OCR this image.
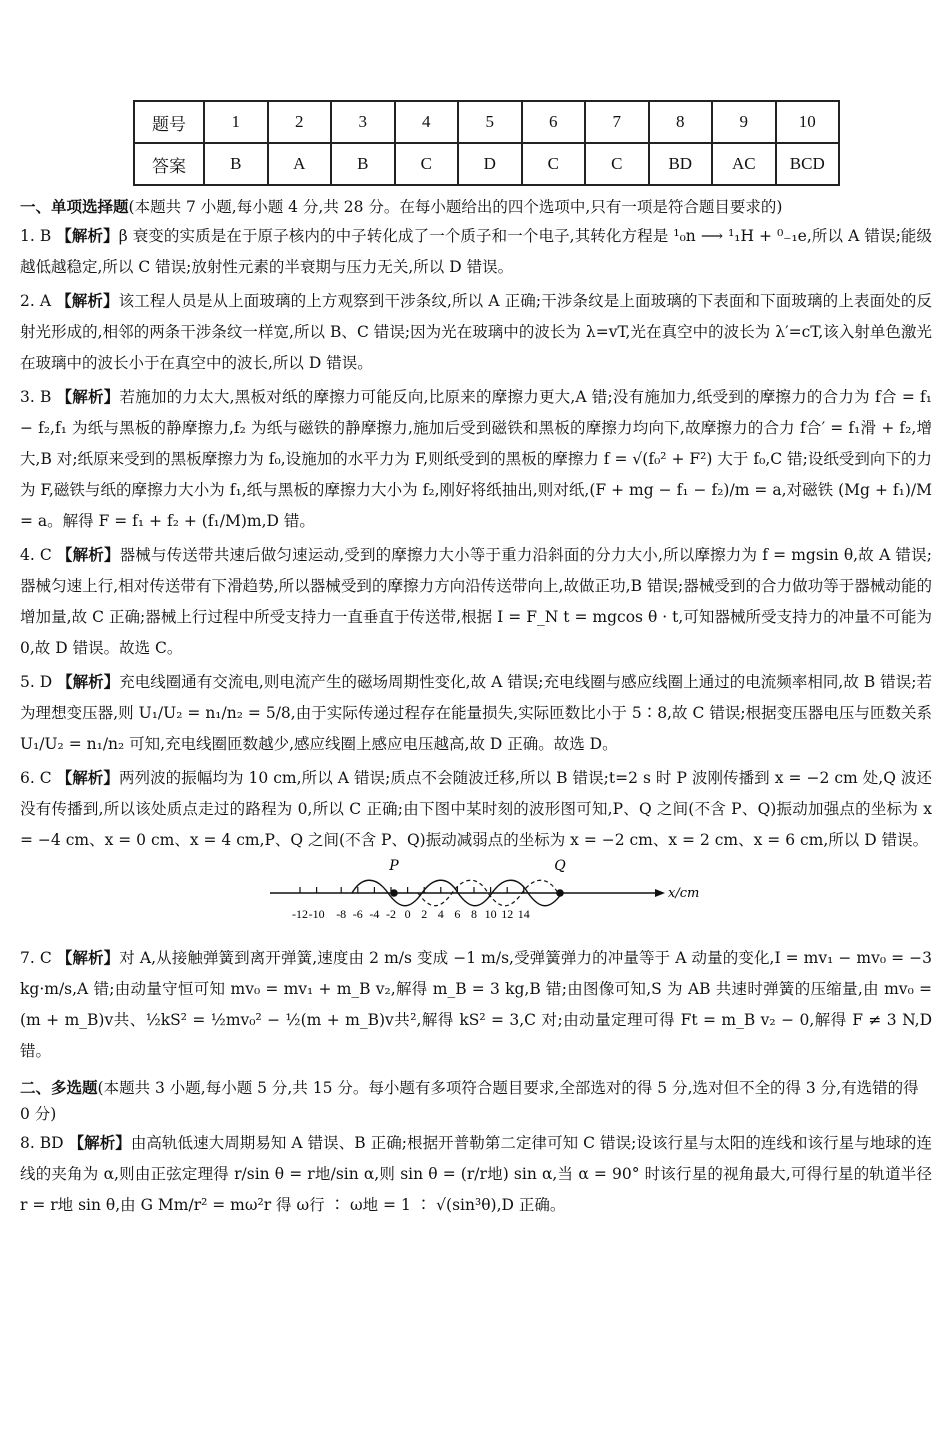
题号	1	2	3	4	5	6	7	8	9	10
答案	B	A	B	C	D	C	C	BD	AC	BCD
一、单项选择题(本题共 7 小题,每小题 4 分,共 28 分。在每小题给出的四个选项中,只有一项是符合题目要求的)

1. B 【解析】β 衰变的实质是在于原子核内的中子转化成了一个质子和一个电子,其转化方程是 ¹₀n ⟶ ¹₁H + ⁰₋₁e,所以 A 错误;能级越低越稳定,所以 C 错误;放射性元素的半衰期与压力无关,所以 D 错误。

2. A 【解析】该工程人员是从上面玻璃的上方观察到干涉条纹,所以 A 正确;干涉条纹是上面玻璃的下表面和下面玻璃的上表面处的反射光形成的,相邻的两条干涉条纹一样宽,所以 B、C 错误;因为光在玻璃中的波长为 λ=vT,光在真空中的波长为 λ′=cT,该入射单色激光在玻璃中的波长小于在真空中的波长,所以 D 错误。

3. B 【解析】若施加的力太大,黑板对纸的摩擦力可能反向,比原来的摩擦力更大,A 错;没有施加力,纸受到的摩擦力的合力为 f合 = f₁ − f₂,f₁ 为纸与黑板的静摩擦力,f₂ 为纸与磁铁的静摩擦力,施加后受到磁铁和黑板的摩擦力均向下,故摩擦力的合力 f合′ = f₁滑 + f₂,增大,B 对;纸原来受到的黑板摩擦力为 f₀,设施加的水平力为 F,则纸受到的黑板的摩擦力 f = √(f₀² + F²) 大于 f₀,C 错;设纸受到向下的力为 F,磁铁与纸的摩擦力大小为 f₁,纸与黑板的摩擦力大小为 f₂,刚好将纸抽出,则对纸,(F + mg − f₁ − f₂)/m = a,对磁铁 (Mg + f₁)/M = a。解得 F = f₁ + f₂ + (f₁/M)m,D 错。

4. C 【解析】器械与传送带共速后做匀速运动,受到的摩擦力大小等于重力沿斜面的分力大小,所以摩擦力为 f = mgsin θ,故 A 错误;器械匀速上行,相对传送带有下滑趋势,所以器械受到的摩擦力方向沿传送带向上,故做正功,B 错误;器械受到的合力做功等于器械动能的增加量,故 C 正确;器械上行过程中所受支持力一直垂直于传送带,根据 I = F_N t = mgcos θ · t,可知器械所受支持力的冲量不可能为 0,故 D 错误。故选 C。

5. D 【解析】充电线圈通有交流电,则电流产生的磁场周期性变化,故 A 错误;充电线圈与感应线圈上通过的电流频率相同,故 B 错误;若为理想变压器,则 U₁/U₂ = n₁/n₂ = 5/8,由于实际传递过程存在能量损失,实际匝数比小于 5∶8,故 C 错误;根据变压器电压与匝数关系 U₁/U₂ = n₁/n₂ 可知,充电线圈匝数越少,感应线圈上感应电压越高,故 D 正确。故选 D。

6. C 【解析】两列波的振幅均为 10 cm,所以 A 错误;质点不会随波迁移,所以 B 错误;t=2 s 时 P 波刚传播到 x = −2 cm 处,Q 波还没有传播到,所以该处质点走过的路程为 0,所以 C 正确;由下图中某时刻的波形图可知,P、Q 之间(不含 P、Q)振动加强点的坐标为 x = −4 cm、x = 0 cm、x = 4 cm,P、Q 之间(不含 P、Q)振动减弱点的坐标为 x = −2 cm、x = 2 cm、x = 6 cm,所以 D 错误。

x/cm
-12 -10 -8 -6 -4 -2 0 2 4 6 8 10 12 14
P	Q

7. C 【解析】对 A,从接触弹簧到离开弹簧,速度由 2 m/s 变成 −1 m/s,受弹簧弹力的冲量等于 A 动量的变化,I = mv₁ − mv₀ = −3 kg·m/s,A 错;由动量守恒可知 mv₀ = mv₁ + m_B v₂,解得 m_B = 3 kg,B 错;由图像可知,S 为 AB 共速时弹簧的压缩量,由 mv₀ = (m + m_B)v共、½kS² = ½mv₀² − ½(m + m_B)v共²,解得 kS² = 3,C 对;由动量定理可得 Ft = m_B v₂ − 0,解得 F ≠ 3 N,D 错。

二、多选题(本题共 3 小题,每小题 5 分,共 15 分。每小题有多项符合题目要求,全部选对的得 5 分,选对但不全的得 3 分,有选错的得 0 分)

8. BD 【解析】由高轨低速大周期易知 A 错误、B 正确;根据开普勒第二定律可知 C 错误;设该行星与太阳的连线和该行星与地球的连线的夹角为 α,则由正弦定理得 r/sin θ = r地/sin α,则 sin θ = (r/r地) sin α,当 α = 90° 时该行星的视角最大,可得行星的轨道半径 r = r地 sin θ,由 G Mm/r² = mω²r 得 ω行 ∶ ω地 = 1 ∶ √(sin³θ),D 正确。
